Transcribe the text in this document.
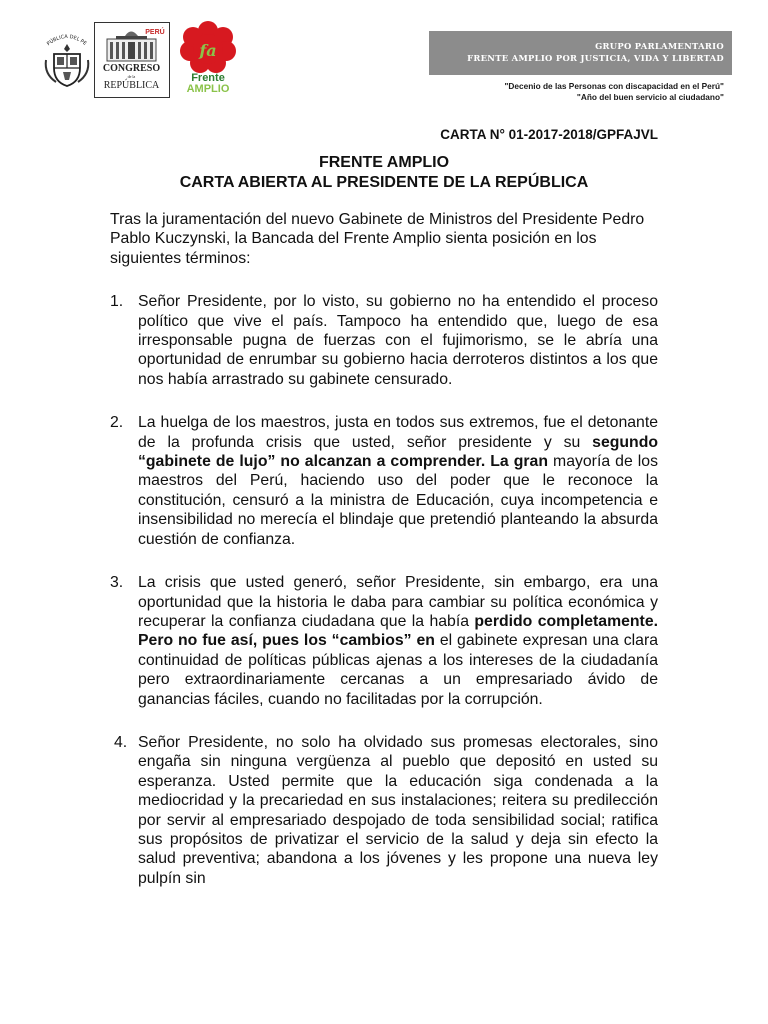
PÚBLICA DEL PE
PERÚ
CONGRESO
de la
REPÚBLICA
fa
Frente
AMPLIO
GRUPO PARLAMENTARIO
FRENTE AMPLIO POR JUSTICIA, VIDA Y LIBERTAD
"Decenio de las Personas con discapacidad en el Perú"
"Año del buen servicio al ciudadano"
CARTA N° 01-2017-2018/GPFAJVL
FRENTE AMPLIO
CARTA ABIERTA AL PRESIDENTE DE LA REPÚBLICA

Tras la juramentación del nuevo Gabinete de Ministros del Presidente Pedro Pablo Kuczynski, la Bancada del Frente Amplio sienta posición en los siguientes términos:

1. Señor Presidente, por lo visto, su gobierno no ha entendido el proceso político que vive el país. Tampoco ha entendido que, luego de esa irresponsable pugna de fuerzas con el fujimorismo, se le abría una oportunidad de enrumbar su gobierno hacia derroteros distintos a los que nos había arrastrado su gabinete censurado.

2. La huelga de los maestros, justa en todos sus extremos, fue el detonante de la profunda crisis que usted, señor presidente y su segundo “gabinete de lujo” no alcanzan a comprender. La gran mayoría de los maestros del Perú, haciendo uso del poder que le reconoce la constitución, censuró a la ministra de Educación, cuya incompetencia e insensibilidad no merecía el blindaje que pretendió planteando la absurda cuestión de confianza.

3. La crisis que usted generó, señor Presidente, sin embargo, era una oportunidad que la historia le daba para cambiar su política económica y recuperar la confianza ciudadana que la había perdido completamente. Pero no fue así, pues los “cambios” en el gabinete expresan una clara continuidad de políticas públicas ajenas a los intereses de la ciudadanía pero extraordinariamente cercanas a un empresariado ávido de ganancias fáciles, cuando no facilitadas por la corrupción.

4. Señor Presidente, no solo ha olvidado sus promesas electorales, sino engaña sin ninguna vergüenza al pueblo que depositó en usted su esperanza. Usted permite que la educación siga condenada a la mediocridad y la precariedad en sus instalaciones; reitera su predilección por servir al empresariado despojado de toda sensibilidad social; ratifica sus propósitos de privatizar el servicio de la salud y deja sin efecto la salud preventiva; abandona a los jóvenes y les propone una nueva ley pulpín sin
